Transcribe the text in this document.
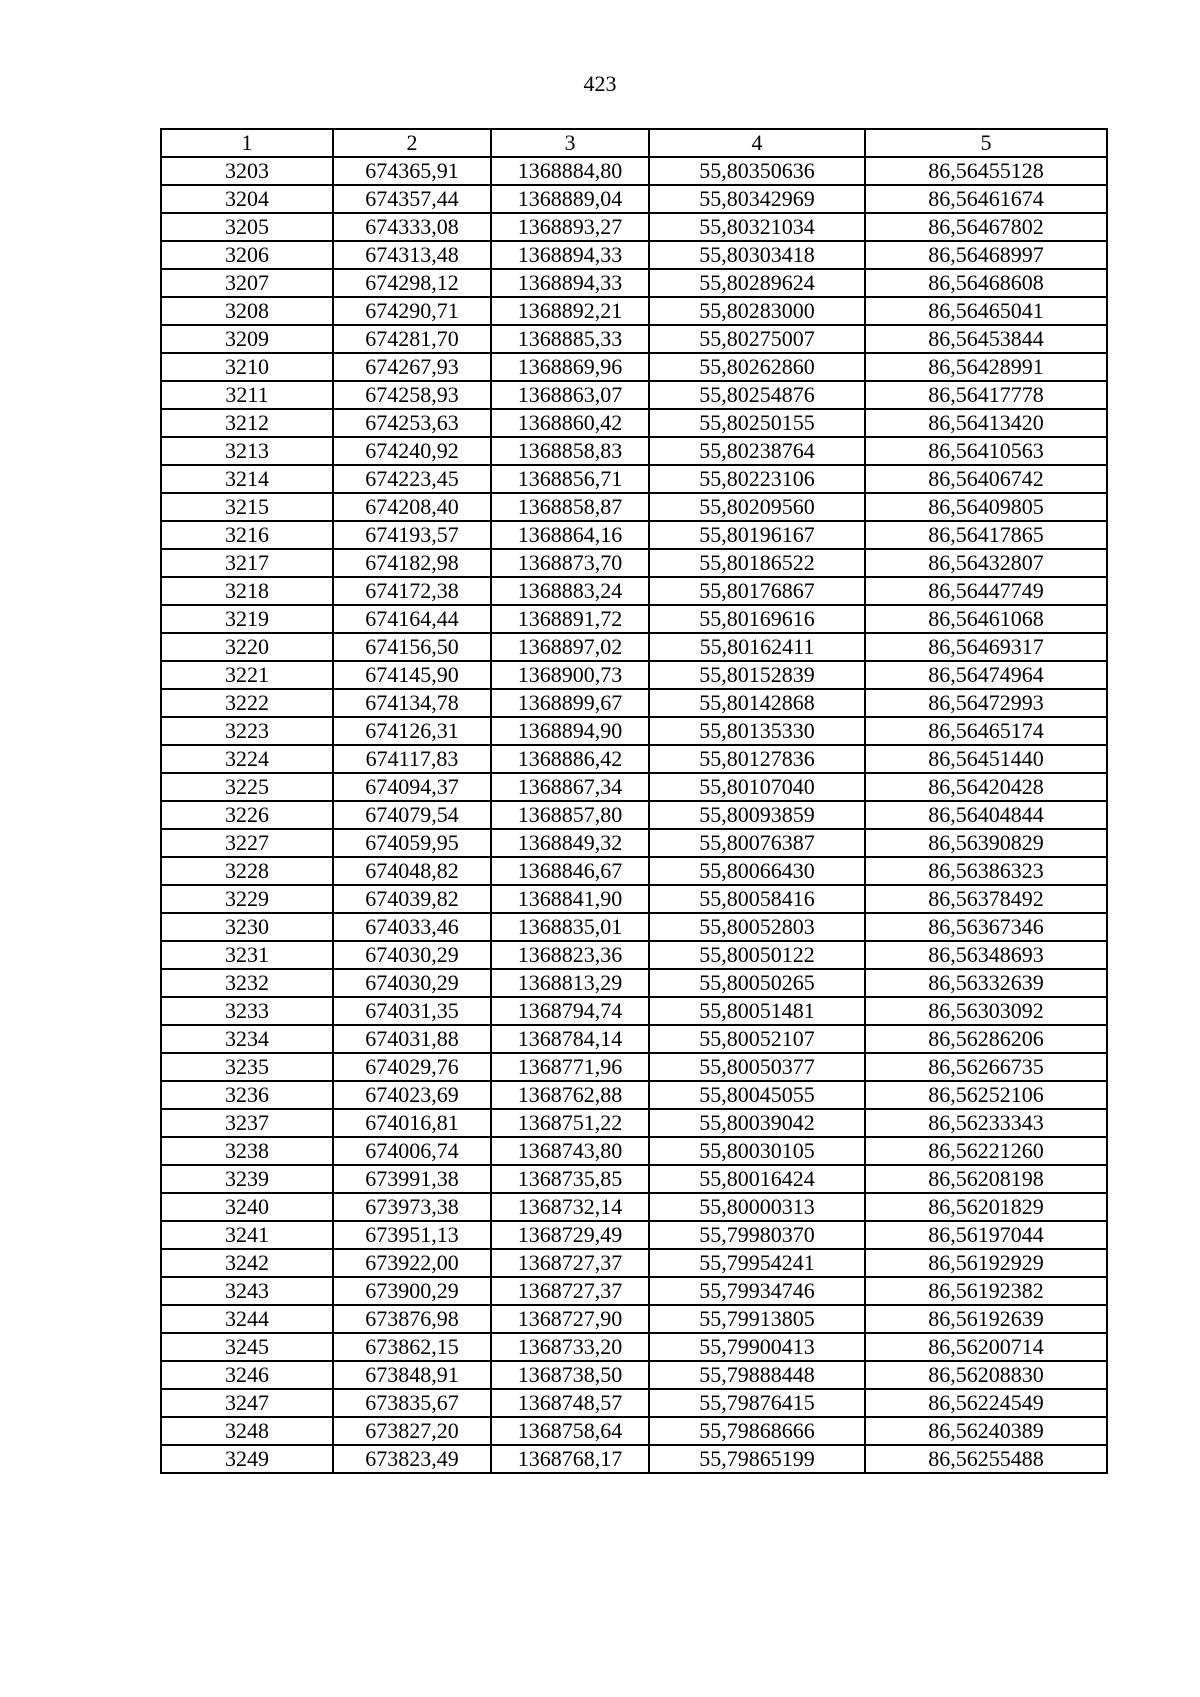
423
1	2	3	4	5
3203	674365,91	1368884,80	55,80350636	86,56455128
3204	674357,44	1368889,04	55,80342969	86,56461674
3205	674333,08	1368893,27	55,80321034	86,56467802
3206	674313,48	1368894,33	55,80303418	86,56468997
3207	674298,12	1368894,33	55,80289624	86,56468608
3208	674290,71	1368892,21	55,80283000	86,56465041
3209	674281,70	1368885,33	55,80275007	86,56453844
3210	674267,93	1368869,96	55,80262860	86,56428991
3211	674258,93	1368863,07	55,80254876	86,56417778
3212	674253,63	1368860,42	55,80250155	86,56413420
3213	674240,92	1368858,83	55,80238764	86,56410563
3214	674223,45	1368856,71	55,80223106	86,56406742
3215	674208,40	1368858,87	55,80209560	86,56409805
3216	674193,57	1368864,16	55,80196167	86,56417865
3217	674182,98	1368873,70	55,80186522	86,56432807
3218	674172,38	1368883,24	55,80176867	86,56447749
3219	674164,44	1368891,72	55,80169616	86,56461068
3220	674156,50	1368897,02	55,80162411	86,56469317
3221	674145,90	1368900,73	55,80152839	86,56474964
3222	674134,78	1368899,67	55,80142868	86,56472993
3223	674126,31	1368894,90	55,80135330	86,56465174
3224	674117,83	1368886,42	55,80127836	86,56451440
3225	674094,37	1368867,34	55,80107040	86,56420428
3226	674079,54	1368857,80	55,80093859	86,56404844
3227	674059,95	1368849,32	55,80076387	86,56390829
3228	674048,82	1368846,67	55,80066430	86,56386323
3229	674039,82	1368841,90	55,80058416	86,56378492
3230	674033,46	1368835,01	55,80052803	86,56367346
3231	674030,29	1368823,36	55,80050122	86,56348693
3232	674030,29	1368813,29	55,80050265	86,56332639
3233	674031,35	1368794,74	55,80051481	86,56303092
3234	674031,88	1368784,14	55,80052107	86,56286206
3235	674029,76	1368771,96	55,80050377	86,56266735
3236	674023,69	1368762,88	55,80045055	86,56252106
3237	674016,81	1368751,22	55,80039042	86,56233343
3238	674006,74	1368743,80	55,80030105	86,56221260
3239	673991,38	1368735,85	55,80016424	86,56208198
3240	673973,38	1368732,14	55,80000313	86,56201829
3241	673951,13	1368729,49	55,79980370	86,56197044
3242	673922,00	1368727,37	55,79954241	86,56192929
3243	673900,29	1368727,37	55,79934746	86,56192382
3244	673876,98	1368727,90	55,79913805	86,56192639
3245	673862,15	1368733,20	55,79900413	86,56200714
3246	673848,91	1368738,50	55,79888448	86,56208830
3247	673835,67	1368748,57	55,79876415	86,56224549
3248	673827,20	1368758,64	55,79868666	86,56240389
3249	673823,49	1368768,17	55,79865199	86,56255488
